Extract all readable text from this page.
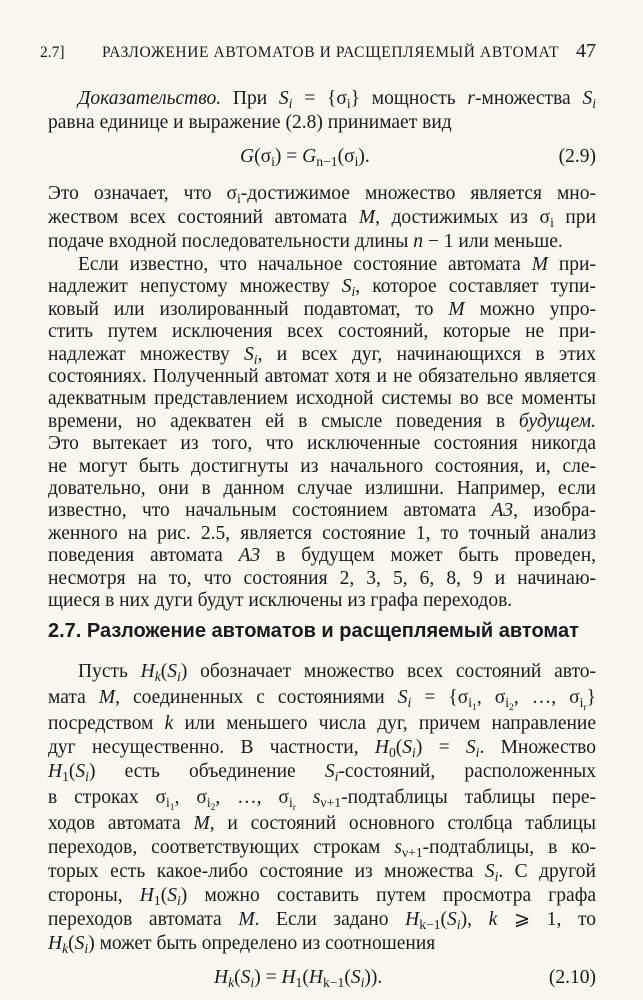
2.7] РАЗЛОЖЕНИЕ АВТОМАТОВ И РАСЩЕПЛЯЕМЫЙ АВТОМАТ 47
Доказательство. При $S_i = \{\sigma_i\}$ мощность r-множества $S_i$
равна единице и выражение (2.8) принимает вид
$G(\sigma_i) = G_{n-1}(\sigma_i)$.	(2.9)
Это означает, что $\sigma_i$-достижимое множество является мно-
жеством всех состояний автомата M, достижимых из $\sigma_i$ при
подаче входной последовательности длины n − 1 или меньше.
Если известно, что начальное состояние автомата M при-
надлежит непустому множеству $S_i$, которое составляет тупи-
ковый или изолированный подавтомат, то M можно упро-
стить путем исключения всех состояний, которые не при-
надлежат множеству $S_i$, и всех дуг, начинающихся в этих
состояниях. Полученный автомат хотя и не обязательно является
адекватным представлением исходной системы во все моменты
времени, но адекватен ей в смысле поведения в будущем.
Это вытекает из того, что исключенные состояния никогда
не могут быть достигнуты из начального состояния, и, сле-
довательно, они в данном случае излишни. Например, если
известно, что начальным состоянием автомата A3, изобра-
женного на рис. 2.5, является состояние 1, то точный анализ
поведения автомата A3 в будущем может быть проведен,
несмотря на то, что состояния 2, 3, 5, 6, 8, 9 и начинаю-
2.7. Разложение автоматов и расщепляемый автомат
Пусть $H_k(S_i)$ обозначает множество всех состояний авто-
мата M, соединенных с состояниями $S_i = \{\sigma_{i_1}$, $\sigma_{i_2}$, …, $\sigma_{i_r}$}
посредством k или меньшего числа дуг, причем направление
дуг несущественно. В частности, $H_0(S_i) = S_i$. Множество
$H_1(S_i)$ есть объединение $S_i$-состояний, расположенных
в строках $\sigma_{i_1}$, $\sigma_{i_2}$, …, $\sigma_{i_r}$ $s_{\nu+1}$-подтаблицы таблицы пере-
ходов автомата M, и состояний основного столбца таблицы
переходов, соответствующих строкам $s_{\nu+1}$-подтаблицы, в ко-
торых есть какое-либо состояние из множества $S_i$. С другой
стороны, $H_1(S_i)$ можно составить путем просмотра графа
переходов автомата M. Если задано $H_{k-1}(S_i)$, k ⩾ 1, то
$H_k(S_i)$ может быть определено из соотношения
$H_k(S_i) = H_1(H_{k-1}(S_i))$.	(2.10)
щиеся в них дуги будут исключены из графа переходов.
